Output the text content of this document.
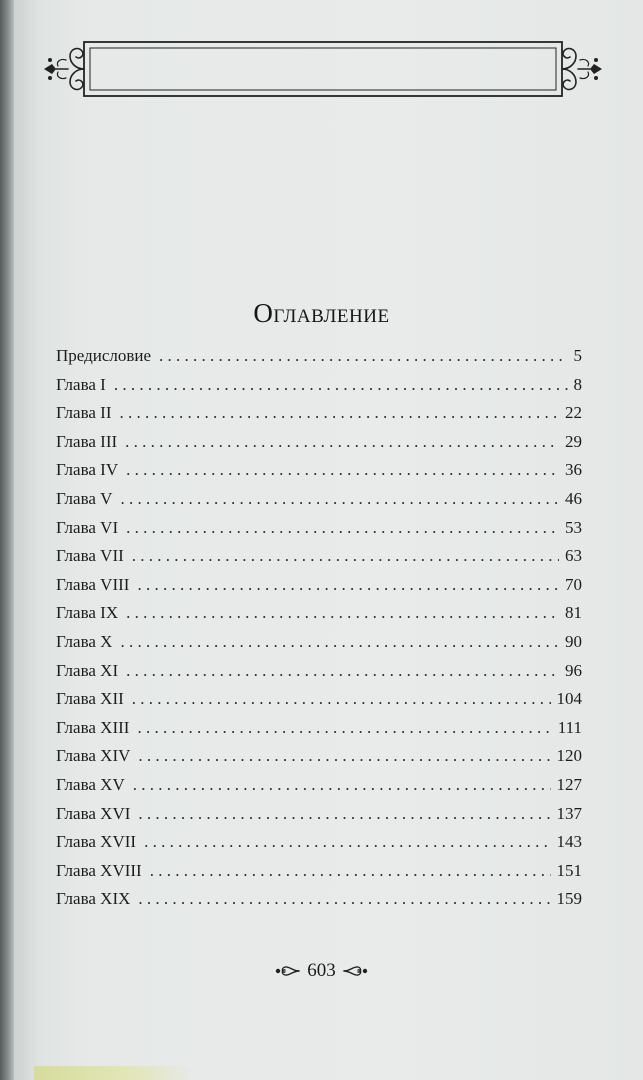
Оглавление
Предисловие . . .	5
Глава I . . .	8
Глава II . . .	22
Глава III . . .	29
Глава IV . . .	36
Глава V . . .	46
Глава VI . . .	53
Глава VII . . .	63
Глава VIII . . .	70
Глава IX . . .	81
Глава X . . .	90
Глава XI . . .	96
Глава XII . . .	104
Глава XIII . . .	111
Глава XIV . . .	120
Глава XV . . .	127
Глава XVI . . .	137
Глава XVII . . .	143
Глава XVIII . . .	151
Глава XIX . . .	159
603
